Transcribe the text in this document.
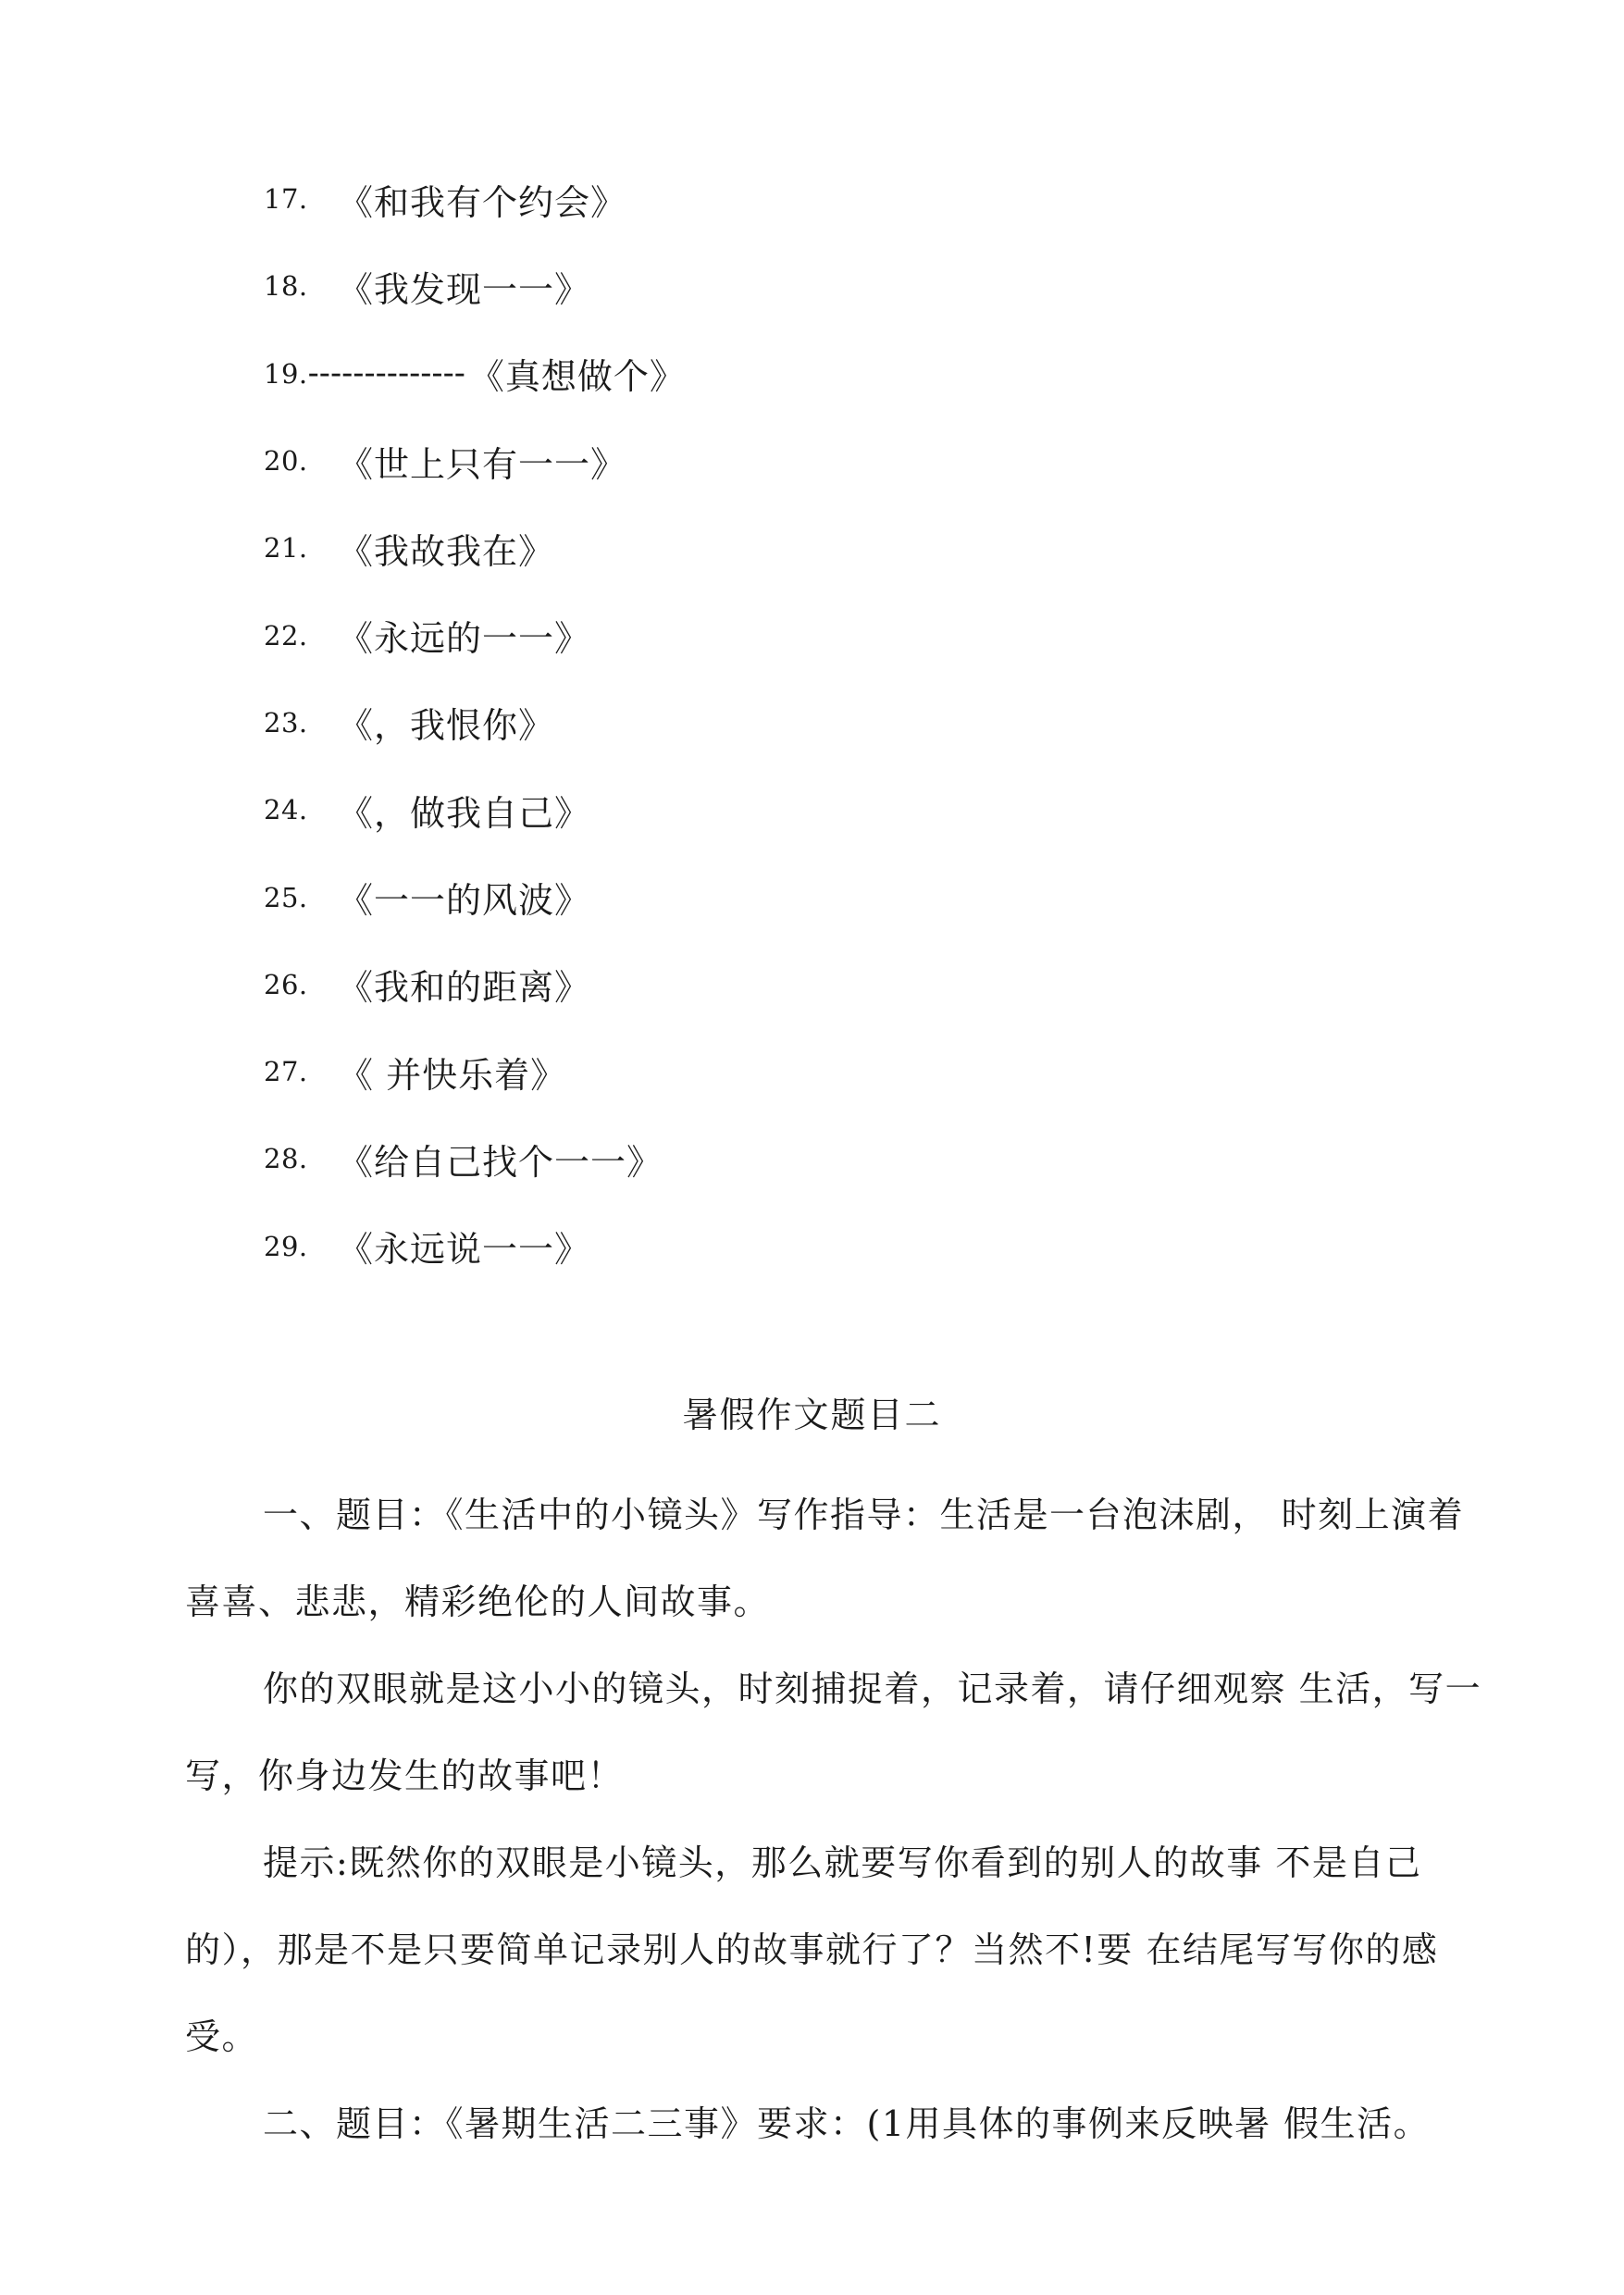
17. 《和我有个约会》
18. 《我发现一一》
19. -------------- 《真想做个》
20. 《世上只有一一》
21. 《我故我在》
22. 《永远的一一》
23. 《，我恨你》
24. 《，做我自己》
25. 《一一的风波》
26. 《我和的距离》
27. 《 并快乐着》
28. 《给自己找个一一》
29. 《永远说一一》
暑假作文题目二

一、题目：《生活中的小镜头》写作指导：生活是一台泡沫剧， 时刻上演着喜喜、悲悲，精彩绝伦的人间故事。

你的双眼就是这小小的镜头，时刻捕捉着，记录着，请仔细观察 生活，写一写，你身边发生的故事吧！

提示:既然你的双眼是小镜头，那么就要写你看到的别人的故事 不是自己的），那是不是只要简单记录别人的故事就行了？当然不!要 在结尾写写你的感受。

二、题目：《暑期生活二三事》要求：(1用具体的事例来反映暑 假生活。
